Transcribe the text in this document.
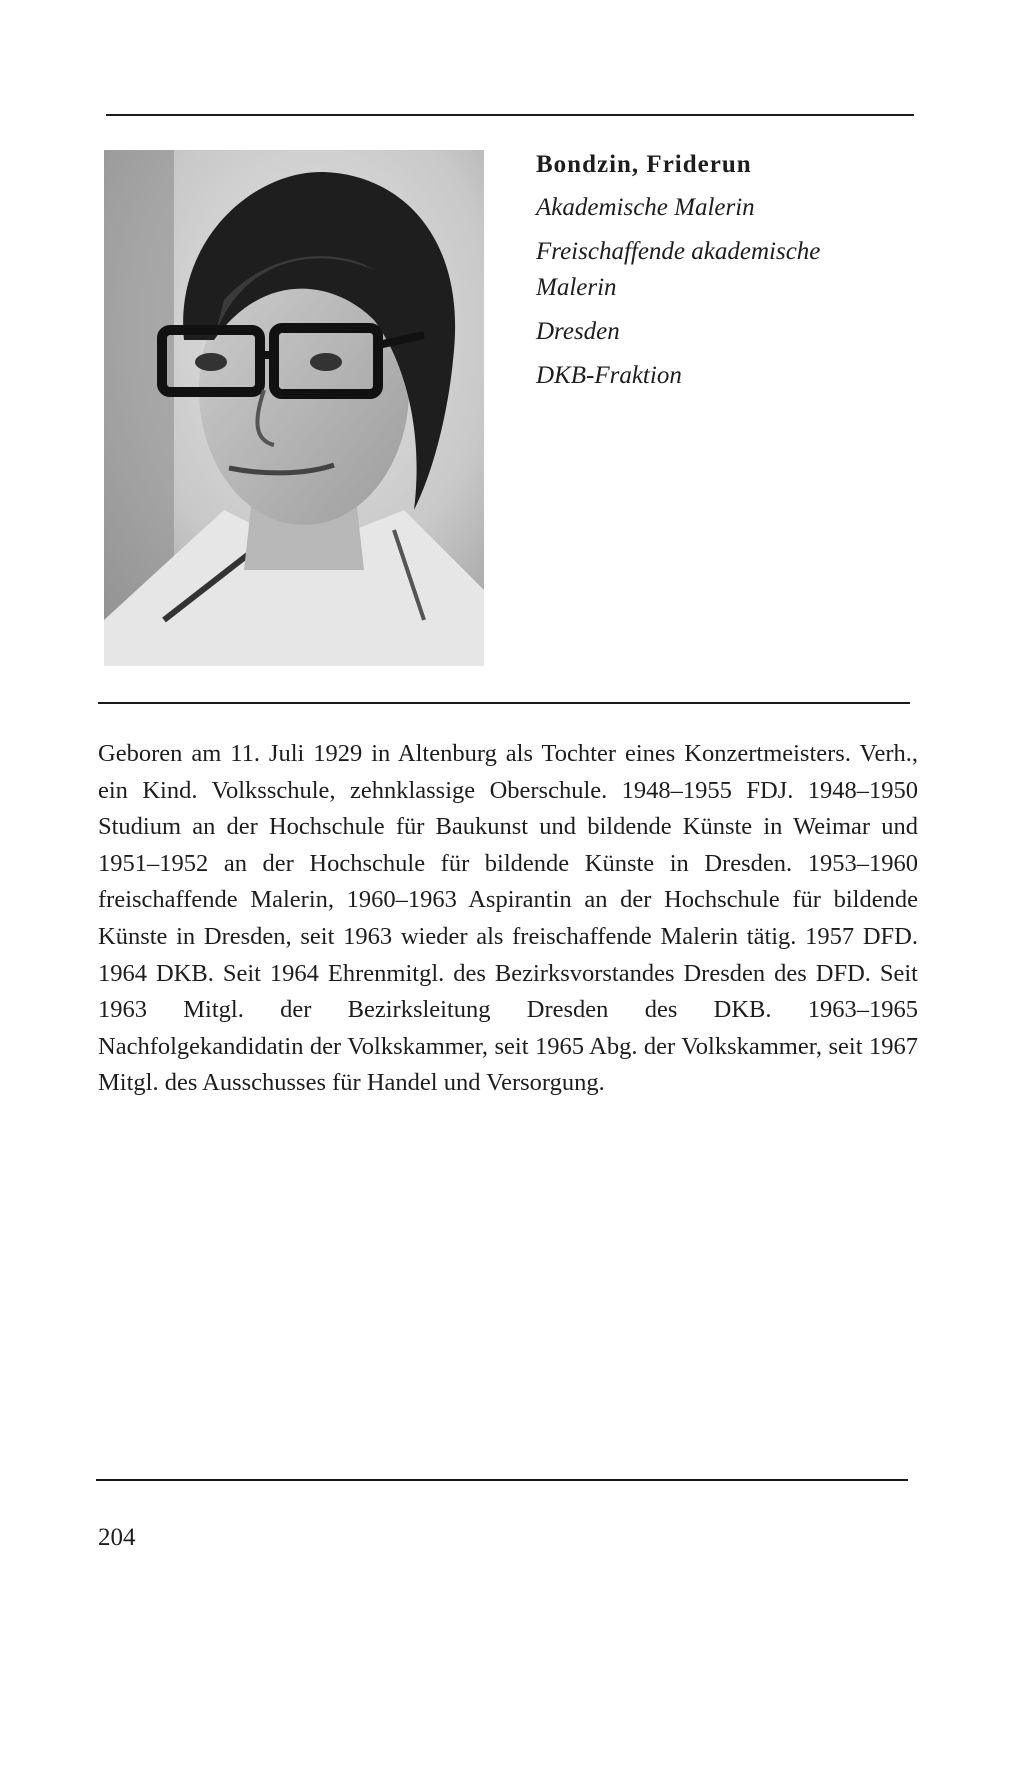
Bondzin, Friderun

Akademische Malerin

Freischaffende akademische

Malerin

Dresden

DKB-Fraktion

Geboren am 11. Juli 1929 in Altenburg als Tochter eines Konzertmeisters. Verh., ein Kind. Volksschule, zehnklassige Oberschule. 1948–1955 FDJ. 1948–1950 Studium an der Hochschule für Baukunst und bildende Künste in Weimar und 1951–1952 an der Hochschule für bildende Künste in Dresden. 1953–1960 freischaffende Malerin, 1960–1963 Aspirantin an der Hochschule für bildende Künste in Dresden, seit 1963 wieder als freischaffende Malerin tätig. 1957 DFD. 1964 DKB. Seit 1964 Ehrenmitgl. des Bezirksvorstandes Dresden des DFD. Seit 1963 Mitgl. der Bezirksleitung Dresden des DKB. 1963–1965 Nachfolgekandidatin der Volkskammer, seit 1965 Abg. der Volkskammer, seit 1967 Mitgl. des Ausschusses für Handel und Versorgung.

204
